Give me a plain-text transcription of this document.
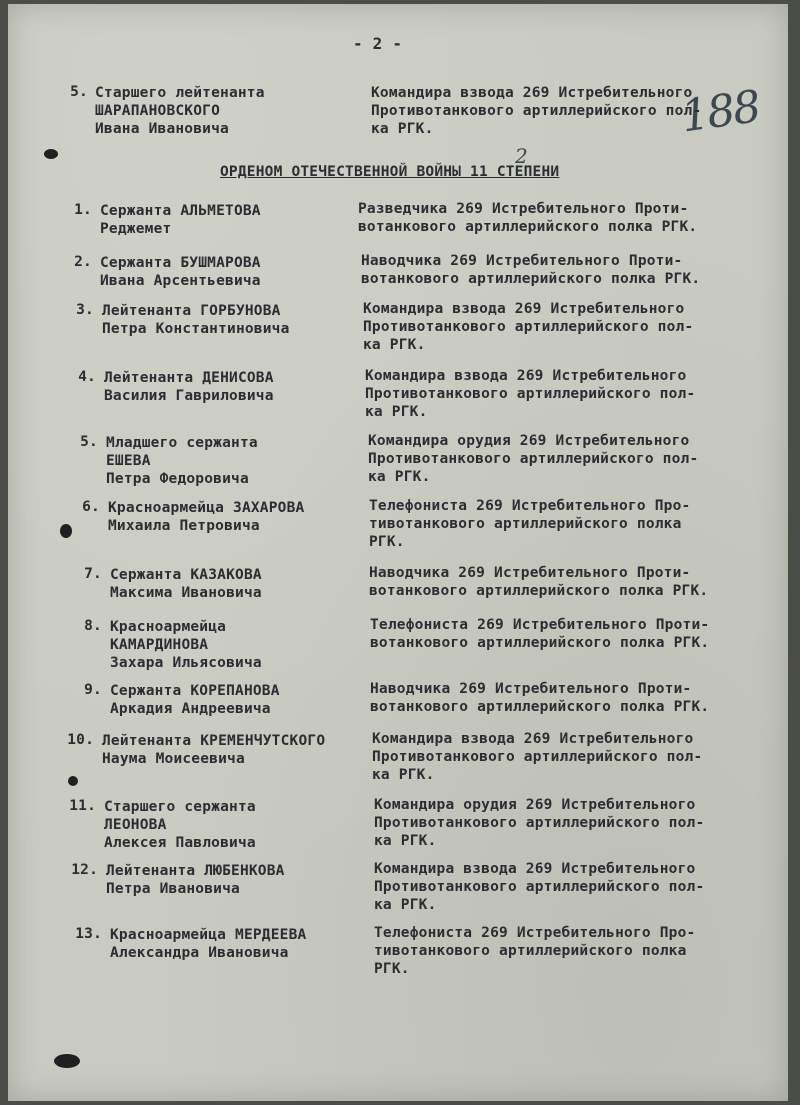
- 2 -
188
2
5. Старшего лейтенанта
ШАРАПАНОВСКОГО
Ивана Ивановича
Командира взвода 269 Истребительного
Противотанкового артиллерийского пол-
ка РГК.
ОРДЕНОМ ОТЕЧЕСТВЕННОЙ ВОЙНЫ 11 СТЕПЕНИ
1. Сержанта АЛЬМЕТОВА
Реджемет
Разведчика 269 Истребительного Проти-
вотанкового артиллерийского полка РГК.
2. Сержанта БУШМАРОВА
Ивана Арсентьевича
Наводчика 269 Истребительного Проти-
вотанкового артиллерийского полка РГК.
3. Лейтенанта ГОРБУНОВА
Петра Константиновича
Командира взвода 269 Истребительного
Противотанкового артиллерийского пол-
ка РГК.
4. Лейтенанта ДЕНИСОВА
Василия Гавриловича
Командира взвода 269 Истребительного
Противотанкового артиллерийского пол-
ка РГК.
5. Младшего сержанта
ЕШЕВА
Петра Федоровича
Командира орудия 269 Истребительного
Противотанкового артиллерийского пол-
ка РГК.
6. Красноармейца ЗАХАРОВА
Михаила Петровича
Телефониста 269 Истребительного Про-
тивотанкового артиллерийского полка
РГК.
7. Сержанта КАЗАКОВА
Максима Ивановича
Наводчика 269 Истребительного Проти-
вотанкового артиллерийского полка РГК.
8. Красноармейца
КАМАРДИНОВА
Захара Ильясовича
Телефониста 269 Истребительного Проти-
вотанкового артиллерийского полка РГК.
9. Сержанта КОРЕПАНОВА
Аркадия Андреевича
Наводчика 269 Истребительного Проти-
вотанкового артиллерийского полка РГК.
10. Лейтенанта КРЕМЕНЧУТСКОГО
Наума Моисеевича
Командира взвода 269 Истребительного
Противотанкового артиллерийского пол-
ка РГК.
11. Старшего сержанта
ЛЕОНОВА
Алексея Павловича
Командира орудия 269 Истребительного
Противотанкового артиллерийского пол-
ка РГК.
12. Лейтенанта ЛЮБЕНКОВА
Петра Ивановича
Командира взвода 269 Истребительного
Противотанкового артиллерийского пол-
ка РГК.
13. Красноармейца МЕРДЕЕВА
Александра Ивановича
Телефониста 269 Истребительного Про-
тивотанкового артиллерийского полка
РГК.
